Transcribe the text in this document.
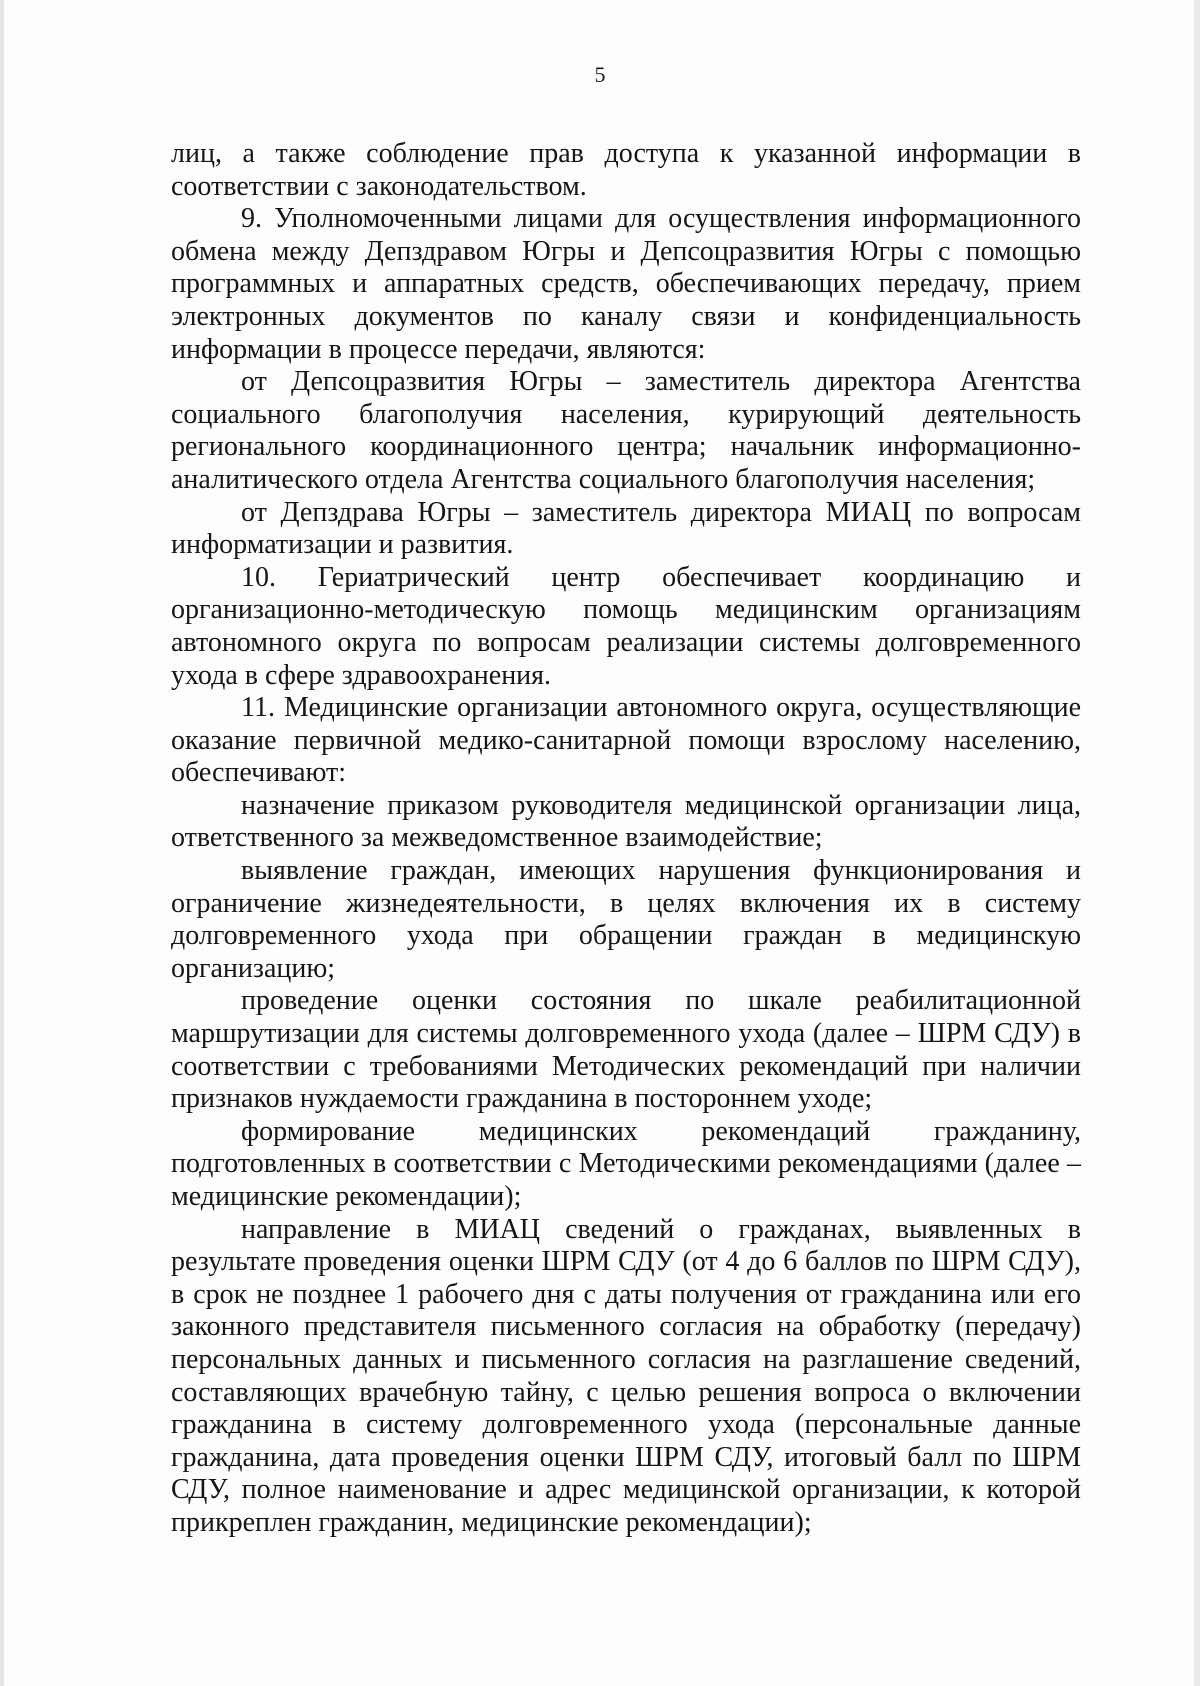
5

лиц, а также соблюдение прав доступа к указанной информации в соответствии с законодательством.

9. Уполномоченными лицами для осуществления информационного обмена между Депздравом Югры и Депсоцразвития Югры с помощью программных и аппаратных средств, обеспечивающих передачу, прием электронных документов по каналу связи и конфиденциальность информации в процессе передачи, являются:

от Депсоцразвития Югры – заместитель директора Агентства социального благополучия населения, курирующий деятельность регионального координационного центра; начальник информационно-аналитического отдела Агентства социального благополучия населения;

от Депздрава Югры – заместитель директора МИАЦ по вопросам информатизации и развития.

10. Гериатрический центр обеспечивает координацию и организационно-методическую помощь медицинским организациям автономного округа по вопросам реализации системы долговременного ухода в сфере здравоохранения.

11. Медицинские организации автономного округа, осуществляющие оказание первичной медико-санитарной помощи взрослому населению, обеспечивают:

назначение приказом руководителя медицинской организации лица, ответственного за межведомственное взаимодействие;

выявление граждан, имеющих нарушения функционирования и ограничение жизнедеятельности, в целях включения их в систему долговременного ухода при обращении граждан в медицинскую организацию;

проведение оценки состояния по шкале реабилитационной маршрутизации для системы долговременного ухода (далее – ШРМ СДУ) в соответствии с требованиями Методических рекомендаций при наличии признаков нуждаемости гражданина в постороннем уходе;

формирование медицинских рекомендаций гражданину, подготовленных в соответствии с Методическими рекомендациями (далее – медицинские рекомендации);

направление в МИАЦ сведений о гражданах, выявленных в результате проведения оценки ШРМ СДУ (от 4 до 6 баллов по ШРМ СДУ), в срок не позднее 1 рабочего дня с даты получения от гражданина или его законного представителя письменного согласия на обработку (передачу) персональных данных и письменного согласия на разглашение сведений, составляющих врачебную тайну, с целью решения вопроса о включении гражданина в систему долговременного ухода (персональные данные гражданина, дата проведения оценки ШРМ СДУ, итоговый балл по ШРМ СДУ, полное наименование и адрес медицинской организации, к которой прикреплен гражданин, медицинские рекомендации);
